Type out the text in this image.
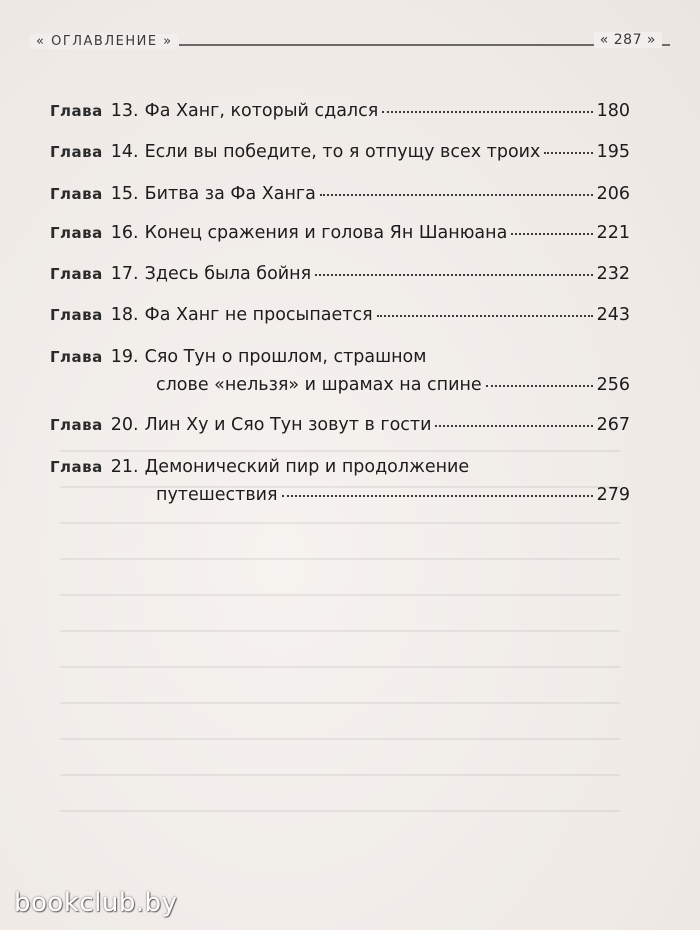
« ОГЛАВЛЕНИЕ »	« 287 »
Глава 13. Фа Ханг, который сдался	180
Глава 14. Если вы победите, то я отпущу всех троих	195
Глава 15. Битва за Фа Ханга	206
Глава 16. Конец сражения и голова Ян Шанюана	221
Глава 17. Здесь была бойня	232
Глава 18. Фа Ханг не просыпается	243
Глава 19. Сяо Тун о прошлом, страшном
слове «нельзя» и шрамах на спине	256
Глава 20. Лин Ху и Сяо Тун зовут в гости	267
Глава 21. Демонический пир и продолжение
путешествия	279
bookclub.by
